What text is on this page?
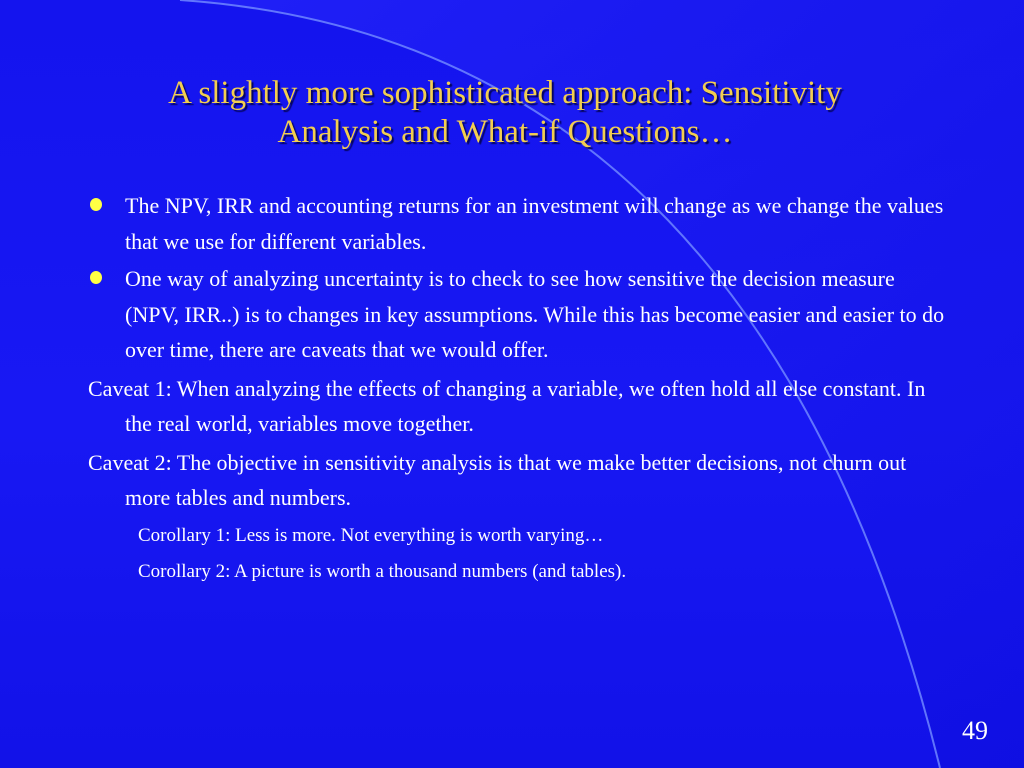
A slightly more sophisticated approach: Sensitivity
Analysis and What-if Questions…
The NPV, IRR and accounting returns for an investment will change as we change the values that we use for different variables.
One way of analyzing uncertainty is to check to see how sensitive the decision measure (NPV, IRR..) is to changes in key assumptions. While this has become easier and easier to do over time, there are caveats that we would offer.
Caveat 1: When analyzing the effects of changing a variable, we often hold all else constant. In the real world, variables move together.
Caveat 2: The objective in sensitivity analysis is that we make better decisions, not churn out more tables and numbers.
Corollary 1: Less is more. Not everything is worth varying…
Corollary 2: A picture is worth a thousand numbers (and tables).
49
